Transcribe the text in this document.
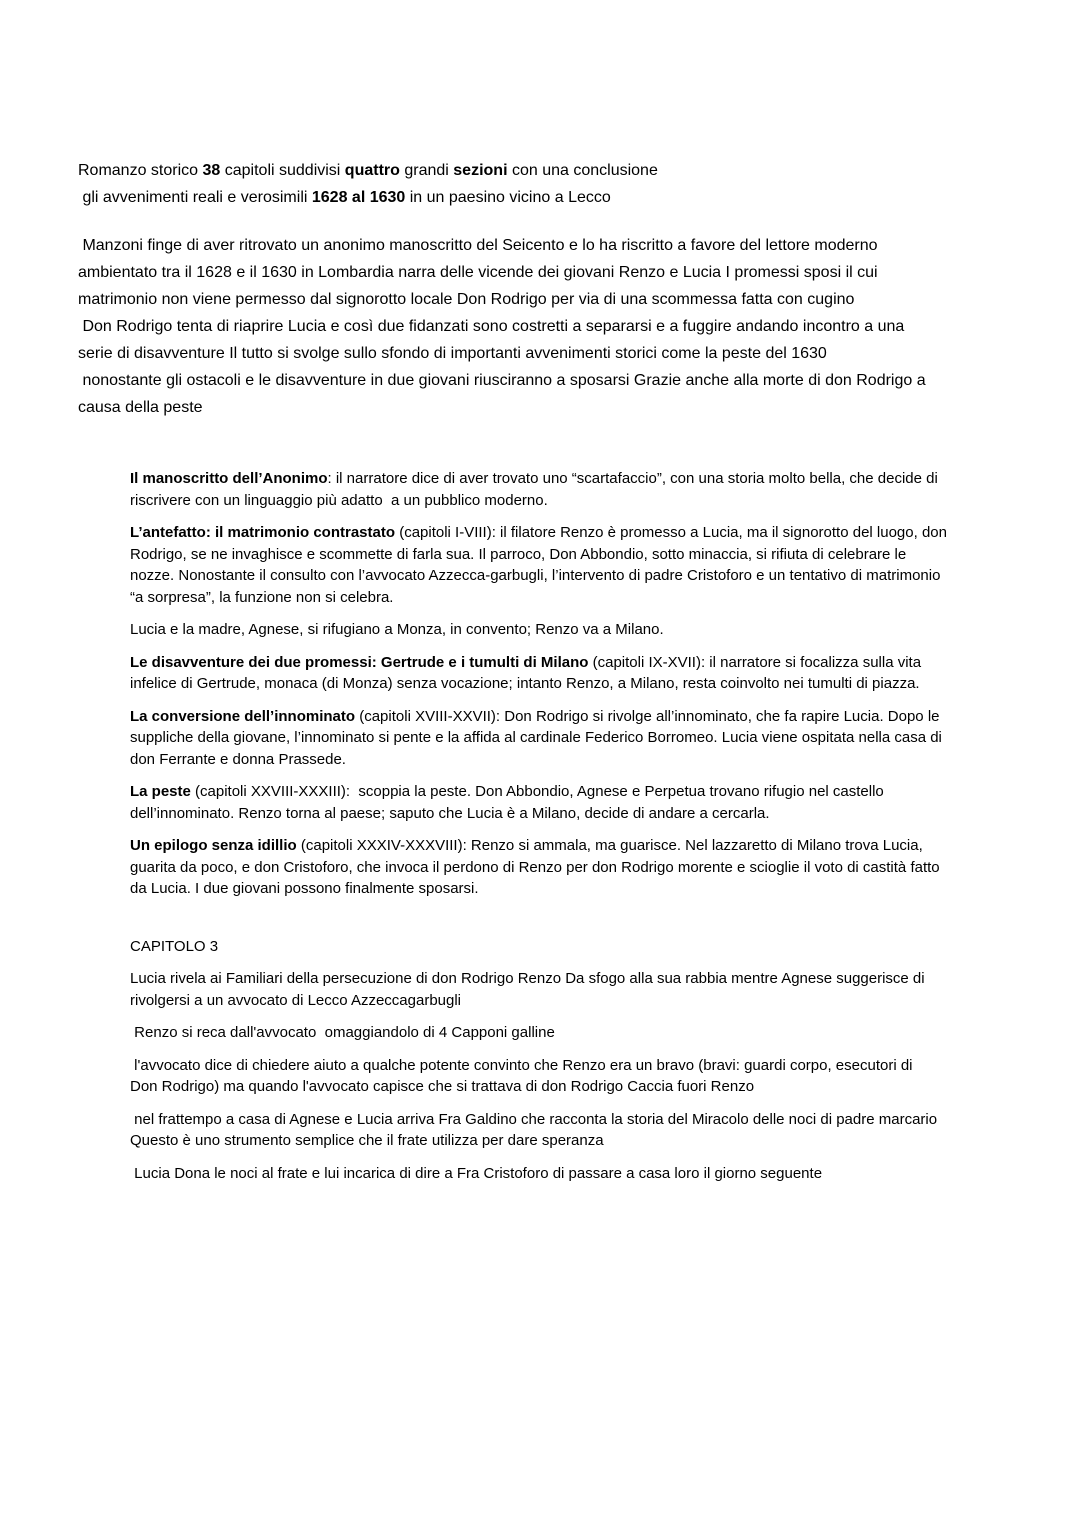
Romanzo storico 38 capitoli suddivisi quattro grandi sezioni con una conclusione

gli avvenimenti reali e verosimili 1628 al 1630 in un paesino vicino a Lecco

Manzoni finge di aver ritrovato un anonimo manoscritto del Seicento e lo ha riscritto a favore del lettore moderno ambientato tra il 1628 e il 1630 in Lombardia narra delle vicende dei giovani Renzo e Lucia I promessi sposi il cui matrimonio non viene permesso dal signorotto locale Don Rodrigo per via di una scommessa fatta con cugino

Don Rodrigo tenta di riaprire Lucia e così due fidanzati sono costretti a separarsi e a fuggire andando incontro a una serie di disavventure Il tutto si svolge sullo sfondo di importanti avvenimenti storici come la peste del 1630

nonostante gli ostacoli e le disavventure in due giovani riusciranno a sposarsi Grazie anche alla morte di don Rodrigo a causa della peste

Il manoscritto dell’Anonimo: il narratore dice di aver trovato uno “scartafaccio”, con una storia molto bella, che decide di riscrivere con un linguaggio più adatto  a un pubblico moderno.

L’antefatto: il matrimonio contrastato (capitoli I-VIII): il filatore Renzo è promesso a Lucia, ma il signorotto del luogo, don Rodrigo, se ne invaghisce e scommette di farla sua. Il parroco, Don Abbondio, sotto minaccia, si rifiuta di celebrare le nozze. Nonostante il consulto con l’avvocato Azzecca-garbugli, l’intervento di padre Cristoforo e un tentativo di matrimonio “a sorpresa”, la funzione non si celebra.

Lucia e la madre, Agnese, si rifugiano a Monza, in convento; Renzo va a Milano.

Le disavventure dei due promessi: Gertrude e i tumulti di Milano (capitoli IX-XVII): il narratore si focalizza sulla vita infelice di Gertrude, monaca (di Monza) senza vocazione; intanto Renzo, a Milano, resta coinvolto nei tumulti di piazza.

La conversione dell’innominato (capitoli XVIII-XXVII): Don Rodrigo si rivolge all’innominato, che fa rapire Lucia. Dopo le suppliche della giovane, l’innominato si pente e la affida al cardinale Federico Borromeo. Lucia viene ospitata nella casa di don Ferrante e donna Prassede.

La peste (capitoli XXVIII-XXXIII):  scoppia la peste. Don Abbondio, Agnese e Perpetua trovano rifugio nel castello dell’innominato. Renzo torna al paese; saputo che Lucia è a Milano, decide di andare a cercarla.

Un epilogo senza idillio (capitoli XXXIV-XXXVIII): Renzo si ammala, ma guarisce. Nel lazzaretto di Milano trova Lucia, guarita da poco, e don Cristoforo, che invoca il perdono di Renzo per don Rodrigo morente e scioglie il voto di castità fatto da Lucia. I due giovani possono finalmente sposarsi.

CAPITOLO 3

Lucia rivela ai Familiari della persecuzione di don Rodrigo Renzo Da sfogo alla sua rabbia mentre Agnese suggerisce di rivolgersi a un avvocato di Lecco Azzeccagarbugli

Renzo si reca dall'avvocato  omaggiandolo di 4 Capponi galline

l'avvocato dice di chiedere aiuto a qualche potente convinto che Renzo era un bravo (bravi: guardi corpo, esecutori di Don Rodrigo) ma quando l'avvocato capisce che si trattava di don Rodrigo Caccia fuori Renzo

nel frattempo a casa di Agnese e Lucia arriva Fra Galdino che racconta la storia del Miracolo delle noci di padre marcario Questo è uno strumento semplice che il frate utilizza per dare speranza

Lucia Dona le noci al frate e lui incarica di dire a Fra Cristoforo di passare a casa loro il giorno seguente
